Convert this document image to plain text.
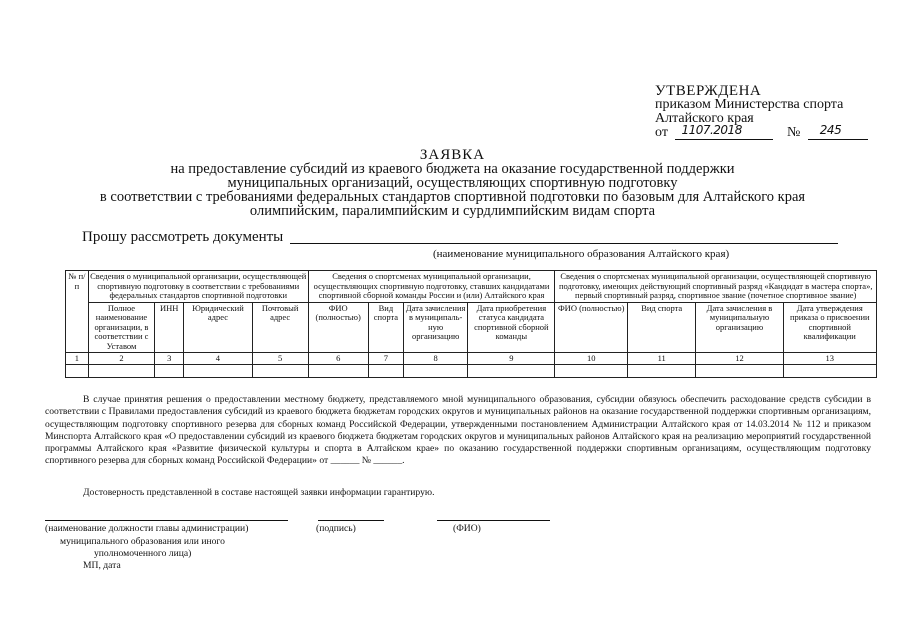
УТВЕРЖДЕНА
приказом Министерства спорта
Алтайского края
от 1107.2018	№ 245
ЗАЯВКА
на предоставление субсидий из краевого бюджета на оказание государственной поддержки
муниципальных организаций, осуществляющих спортивную подготовку
в соответствии с требованиями федеральных стандартов спортивной подготовки по базовым для Алтайского края
олимпийским, паралимпийским и сурдлимпийским видам спорта
Прошу рассмотреть документы
(наименование муниципального образования Алтайского края)
№ п/п	Сведения о муниципальной организации, осуществляющей спортивную подготовку в соответствии с требованиями федеральных стандартов спортивной подготовки				Сведения о спортсменах муниципальной организации, осуществляющих спортивную подготовку, ставших кандидатами спортивной сборной команды России и (или) Алтайского края				Сведения о спортсменах муниципальной организации, осуществляющей спортивную подготовку, имеющих действующий спортивный разряд «Кандидат в мастера спорта», первый спортивный разряд, спортивное звание (почетное спортивное звание)			
	Полное наименование организации, в соответствии с Уставом	ИНН	Юридический адрес	Почтовый адрес	ФИО (полностью)	Вид спорта	Дата зачисления в муниципаль-ную организацию	Дата приобретения статуса кандидата спортивной сборной команды	ФИО (полностью)	Вид спорта	Дата зачисления в муниципальную организацию	Дата утверждения приказа о присвоении спортивной квалификации
1	2	3	4	5	6	7	8	9	10	11	12	13

В случае принятия решения о предоставлении местному бюджету, представляемого мной муниципального образования, субсидии обязуюсь обеспечить расходование средств субсидии в соответствии с Правилами предоставления субсидий из краевого бюджета бюджетам городских округов и муниципальных районов на оказание государственной поддержки спортивным организациям, осуществляющим подготовку спортивного резерва для сборных команд Российской Федерации, утвержденными постановлением Администрации Алтайского края от 14.03.2014 № 112 и приказом Минспорта Алтайского края «О предоставлении субсидий из краевого бюджета бюджетам городских округов и муниципальных районов Алтайского края на реализацию мероприятий государственной программы Алтайского края «Развитие физической культуры и спорта в Алтайском крае» по оказанию государственной поддержки спортивным организациям, осуществляющим подготовку спортивного резерва для сборных команд Российской Федерации» от ______ № ______.

Достоверность представленной в составе настоящей заявки информации гарантирую.
(наименование должности главы администрации)
муниципального образования или иного
уполномоченного лица)
(подпись)	(ФИО)
МП, дата
